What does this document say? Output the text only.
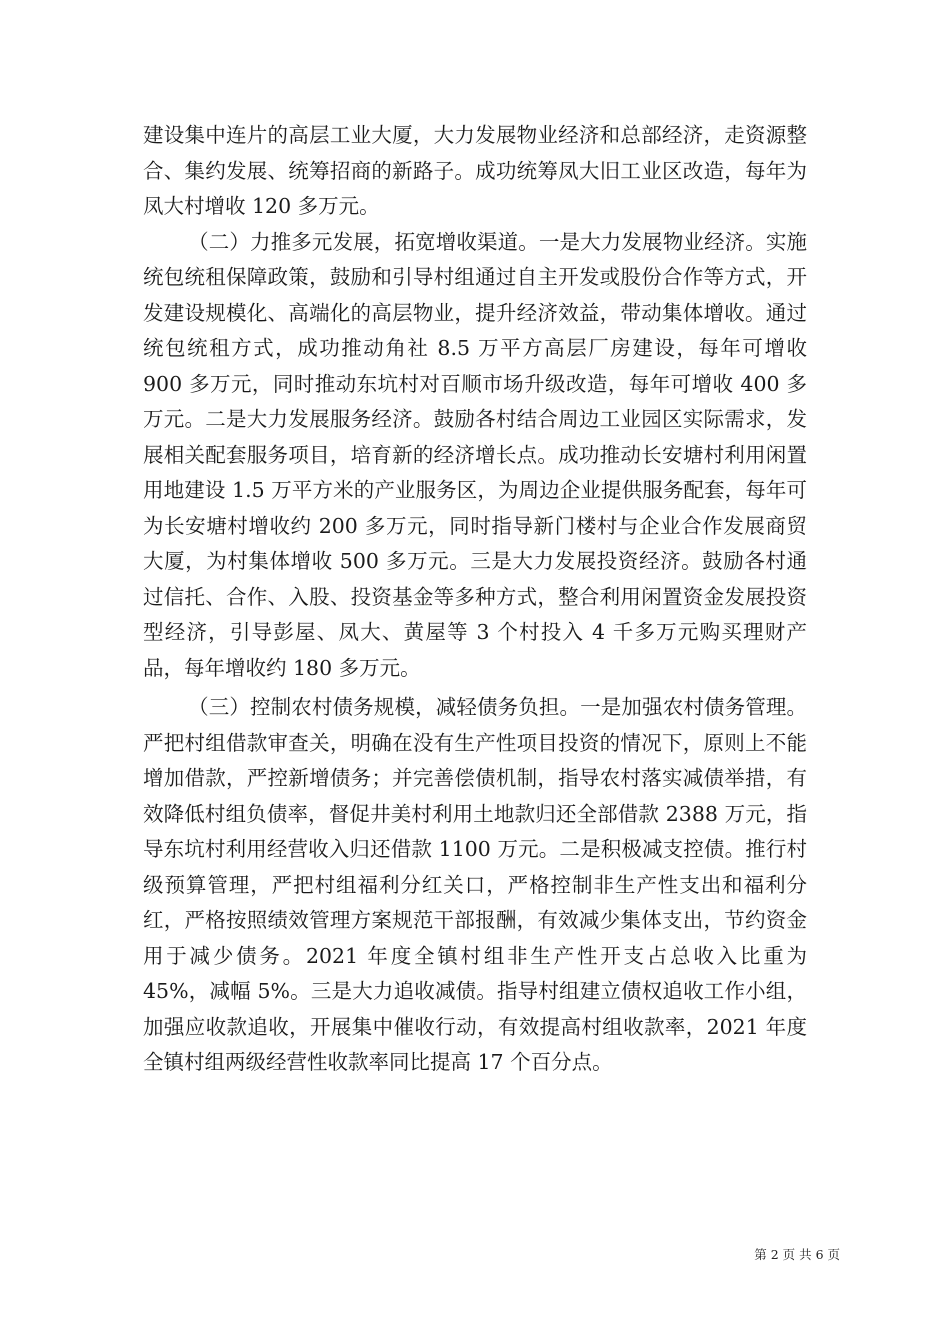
建设集中连片的高层工业大厦，大力发展物业经济和总部经济，走资源整合、集约发展、统筹招商的新路子。成功统筹凤大旧工业区改造，每年为凤大村增收 120 多万元。

（二）力推多元发展，拓宽增收渠道。一是大力发展物业经济。实施统包统租保障政策，鼓励和引导村组通过自主开发或股份合作等方式，开发建设规模化、高端化的高层物业，提升经济效益，带动集体增收。通过统包统租方式，成功推动角社 8.5 万平方高层厂房建设，每年可增收 900 多万元，同时推动东坑村对百顺市场升级改造，每年可增收 400 多万元。二是大力发展服务经济。鼓励各村结合周边工业园区实际需求，发展相关配套服务项目，培育新的经济增长点。成功推动长安塘村利用闲置用地建设 1.5 万平方米的产业服务区，为周边企业提供服务配套，每年可为长安塘村增收约 200 多万元，同时指导新门楼村与企业合作发展商贸大厦，为村集体增收 500 多万元。三是大力发展投资经济。鼓励各村通过信托、合作、入股、投资基金等多种方式，整合利用闲置资金发展投资型经济，引导彭屋、凤大、黄屋等 3 个村投入 4 千多万元购买理财产品，每年增收约 180 多万元。

（三）控制农村债务规模，减轻债务负担。一是加强农村债务管理。严把村组借款审查关，明确在没有生产性项目投资的情况下，原则上不能增加借款，严控新增债务；并完善偿债机制，指导农村落实减债举措，有效降低村组负债率，督促井美村利用土地款归还全部借款 2388 万元，指导东坑村利用经营收入归还借款 1100 万元。二是积极减支控债。推行村级预算管理，严把村组福利分红关口，严格控制非生产性支出和福利分红，严格按照绩效管理方案规范干部报酬，有效减少集体支出，节约资金用于减少债务。2021 年度全镇村组非生产性开支占总收入比重为 45%，减幅 5%。三是大力追收减债。指导村组建立债权追收工作小组，加强应收款追收，开展集中催收行动，有效提高村组收款率，2021 年度全镇村组两级经营性收款率同比提高 17 个百分点。

第 2 页 共 6 页
